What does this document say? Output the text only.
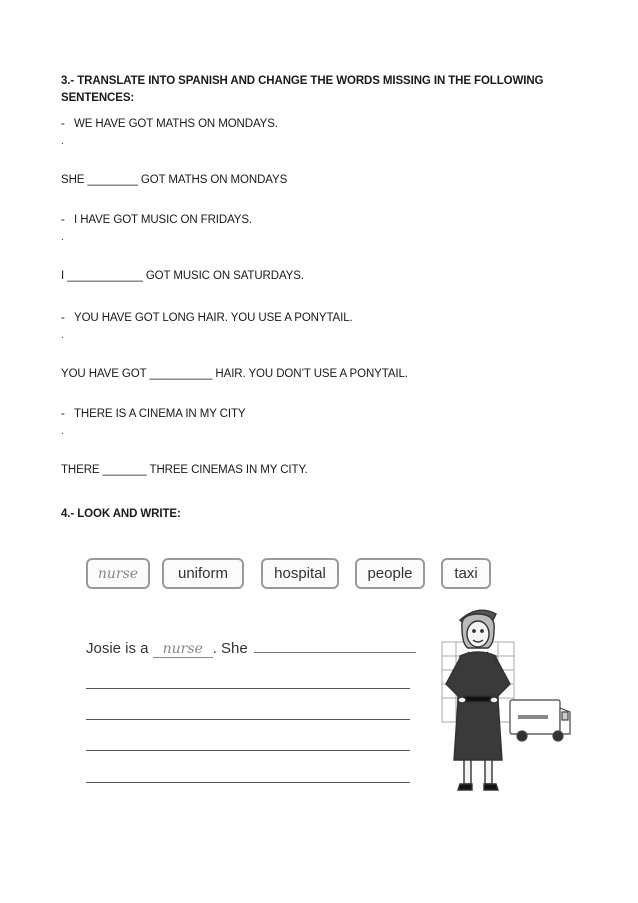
3.- TRANSLATE INTO SPANISH AND CHANGE THE WORDS MISSING IN THE FOLLOWING
SENTENCES:
- WE HAVE GOT MATHS ON MONDAYS.
.
SHE ________ GOT MATHS ON MONDAYS
- I HAVE GOT MUSIC ON FRIDAYS.
.
I ____________ GOT MUSIC ON SATURDAYS.
- YOU HAVE GOT LONG HAIR. YOU USE A PONYTAIL.
.
YOU HAVE GOT __________ HAIR. YOU DON’T USE A PONYTAIL.
- THERE IS A CINEMA IN MY CITY
.
THERE _______ THREE CINEMAS IN MY CITY.
4.- LOOK AND WRITE:
nurse	uniform	hospital	people	taxi
Josie is a nurse . She
